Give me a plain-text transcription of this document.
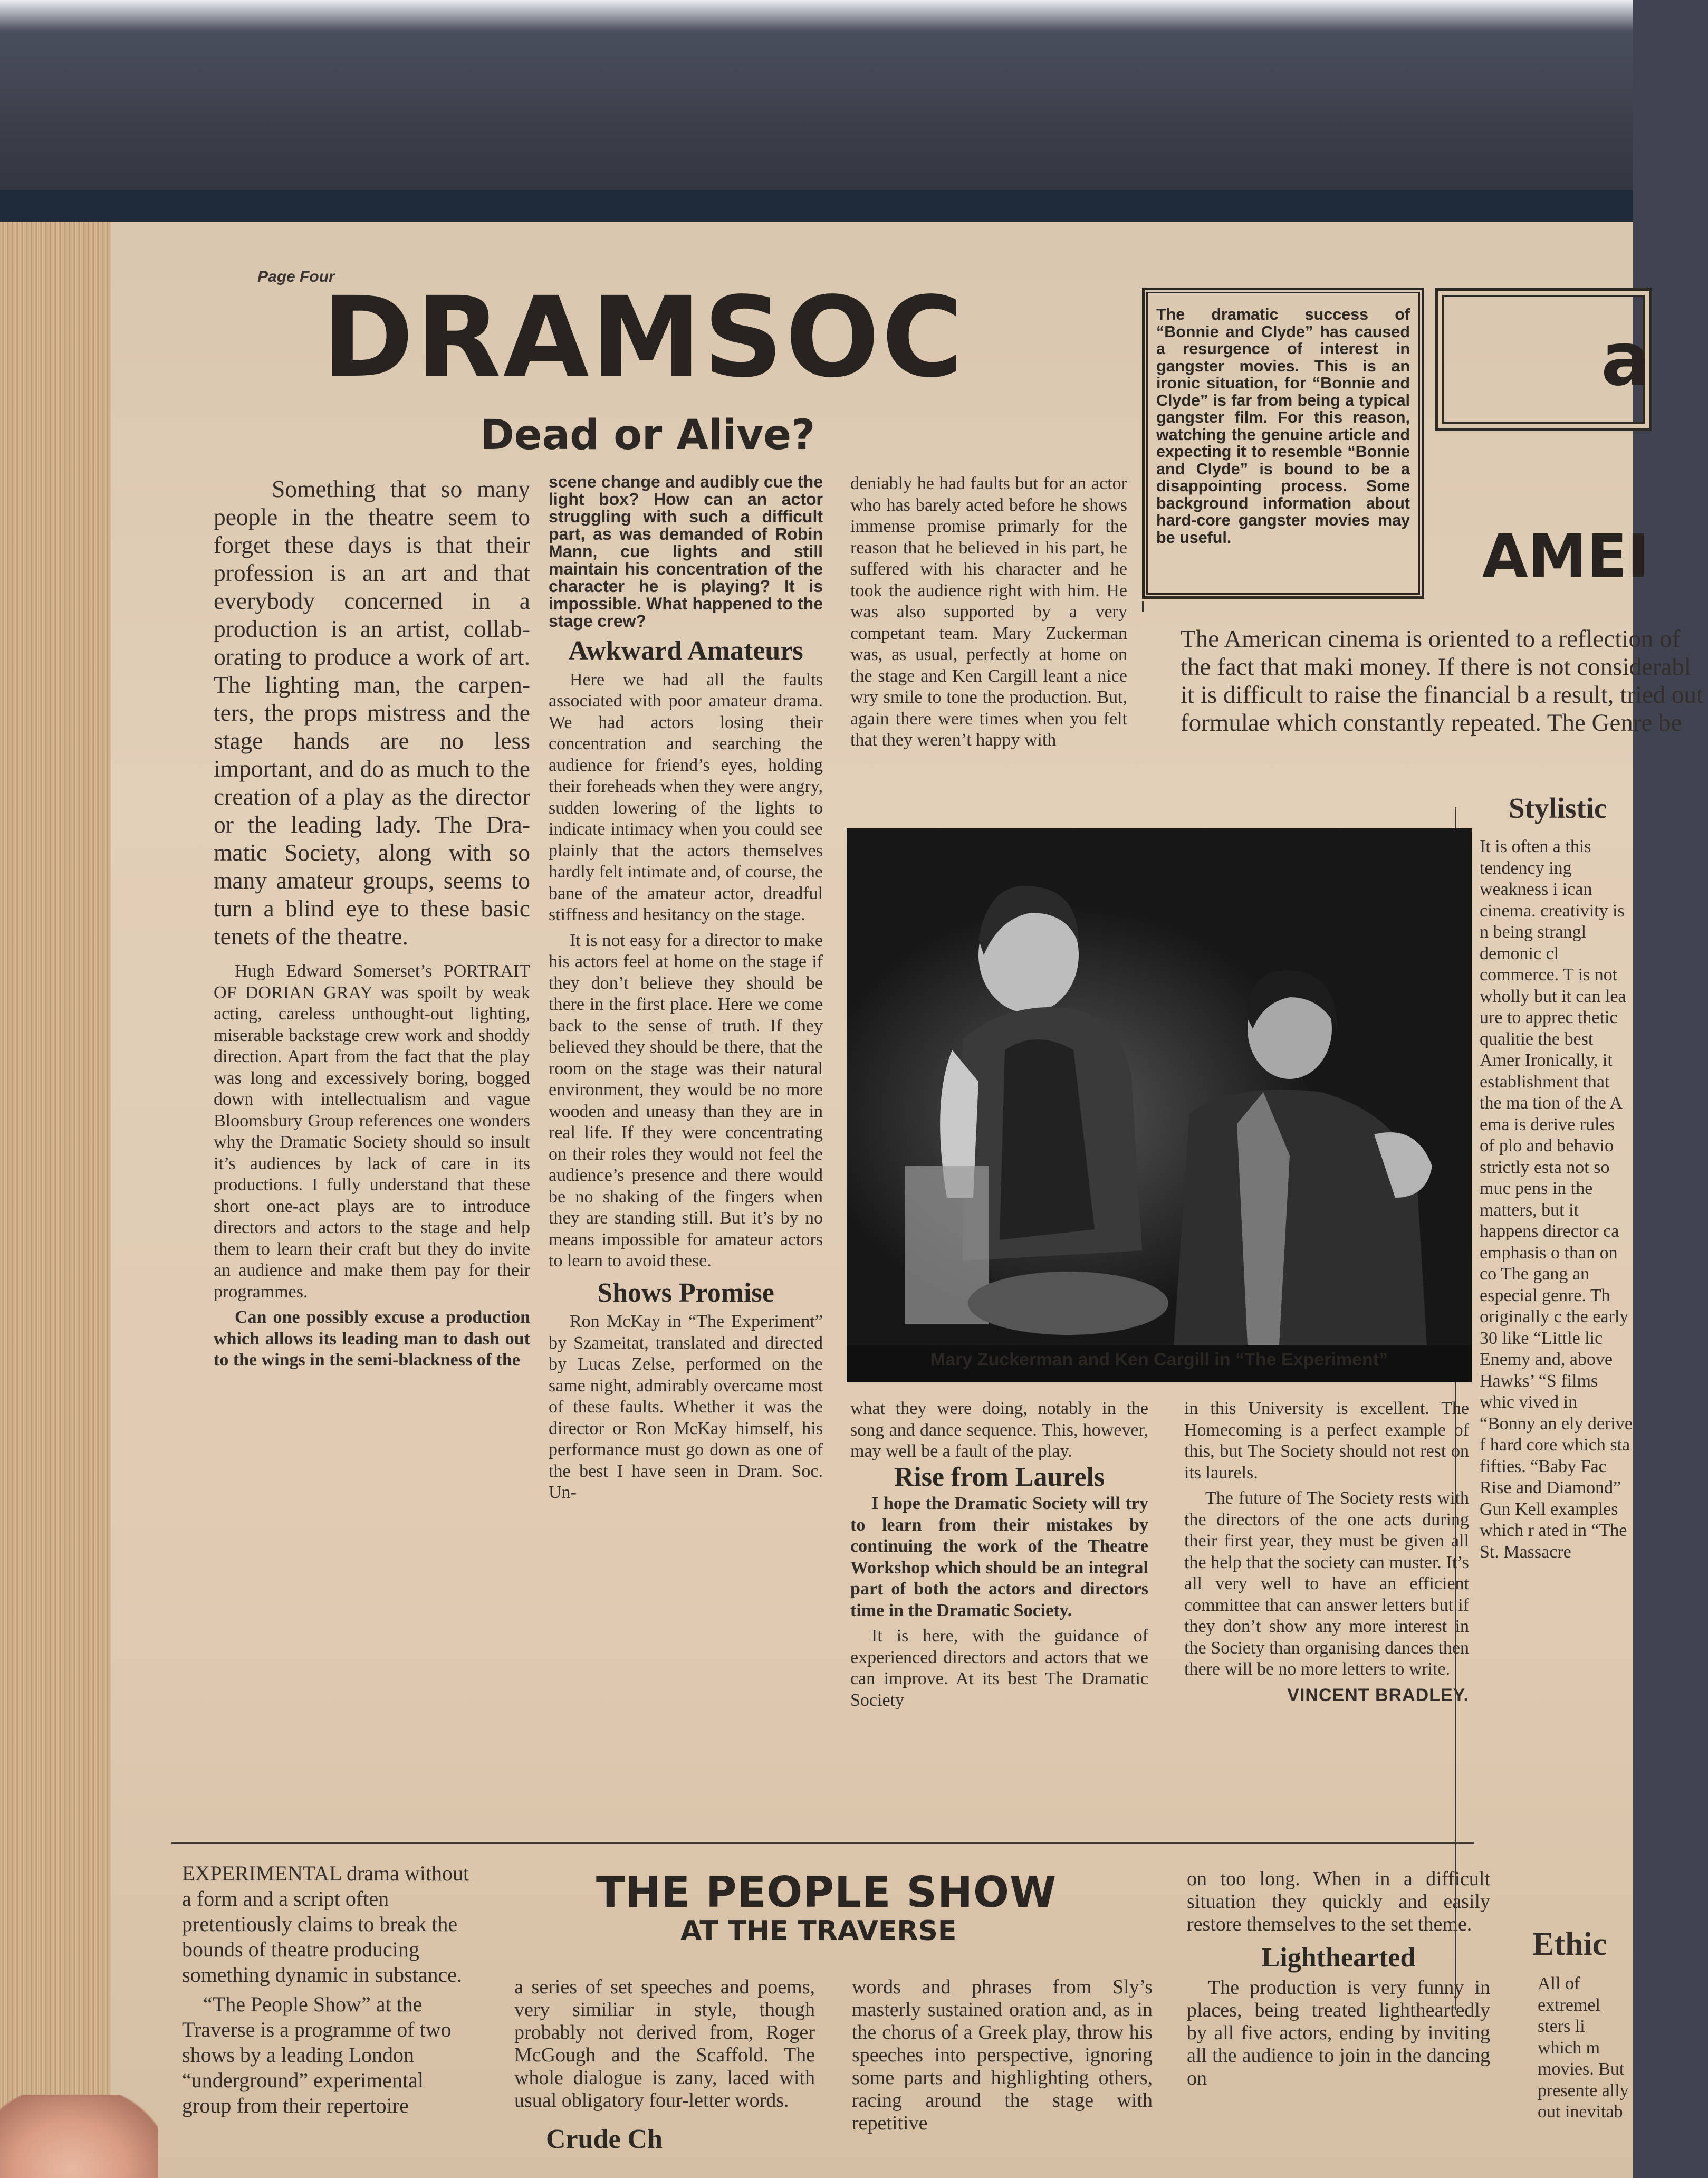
Page Four
DRAMSOC
Dead or Alive?
The dramatic success of “Bonnie and Clyde” has caused a resurgence of interest in gangster movies. This is an ironic situation, for “Bonnie and Clyde” is far from being a typical gangster film. For this reason, watching the genuine article and expecting it to resemble “Bonnie and Clyde” is bound to be a disappointing process. Some background information about hard-core gangster movies may be useful.
a
AMEI
The American cinema is oriented to a reflection of the fact that maki money. If there is not considerabl it is difficult to raise the financial b a result, tried out formulae which constantly repeated. The Genre be
Stylistic
It is often a this tendency ing weakness i ican cinema. creativity is n being strangl demonic cl commerce. T is not wholly but it can lea ure to apprec thetic qualitie the best Amer Ironically, it establishment that the ma tion of the A ema is derive rules of plo and behavio strictly esta not so muc pens in the matters, but it happens director ca emphasis o than on co The gang an especial genre. Th originally c the early 30 like “Little lic Enemy and, above Hawks’ “S films whic vived in “Bonny an ely derive f hard core which sta fifties. “Baby Fac Rise and Diamond” Gun Kell examples which r ated in “The St. Massacre
Ethic
All of extremel sters li which m movies. But presente ally out inevitab

Something that so many people in the theatre seem to forget these days is that their profession is an art and that everybody concerned in a production is an artist, collaborating to produce a work of art. The lighting man, the carpenters, the props mistress and the stage hands are no less important, and do as much to the creation of a play as the director or the leading lady. The Dramatic Society, along with so many amateur groups, seems to turn a blind eye to these basic tenets of the theatre.

Hugh Edward Somerset’s PORTRAIT OF DORIAN GRAY was spoilt by weak acting, careless unthought-out lighting, miserable backstage crew work and shoddy direction. Apart from the fact that the play was long and excessively boring, bogged down with intellectualism and vague Bloomsbury Group references one wonders why the Dramatic Society should so insult it’s audiences by lack of care in its productions. I fully understand that these short one-act plays are to introduce directors and actors to the stage and help them to learn their craft but they do invite an audience and make them pay for their programmes.

Can one possibly excuse a production which allows its leading man to dash out to the wings in the semi-blackness of the

scene change and audibly cue the light box? How can an actor struggling with such a difficult part, as was demanded of Robin Mann, cue lights and still maintain his concentration of the character he is playing? It is impossible. What happened to the stage crew?

Awkward Amateurs

Here we had all the faults associated with poor amateur drama. We had actors losing their concentration and searching the audience for friend’s eyes, holding their foreheads when they were angry, sudden lowering of the lights to indicate intimacy when you could see plainly that the actors themselves hardly felt intimate and, of course, the bane of the amateur actor, dreadful stiffness and hesitancy on the stage.

It is not easy for a director to make his actors feel at home on the stage if they don’t believe they should be there in the first place. Here we come back to the sense of truth. If they believed they should be there, that the room on the stage was their natural environment, they would be no more wooden and uneasy than they are in real life. If they were concentrating on their roles they would not feel the audience’s presence and there would be no shaking of the fingers when they are standing still. But it’s by no means impossible for amateur actors to learn to avoid these.

Shows Promise

Ron McKay in “The Experiment” by Szameitat, translated and directed by Lucas Zelse, performed on the same night, admirably overcame most of these faults. Whether it was the director or Ron McKay himself, his performance must go down as one of the best I have seen in Dram. Soc. Un-

deniably he had faults but for an actor who has barely acted before he shows immense promise primarly for the reason that he believed in his part, he suffered with his character and he took the audience right with him. He was also supported by a very competant team. Mary Zuckerman was, as usual, perfectly at home on the stage and Ken Cargill leant a nice wry smile to tone the production. But, again there were times when you felt that they weren’t happy with

Mary Zuckerman and Ken Cargill in “The Experiment”

what they were doing, notably in the song and dance sequence. This, however, may well be a fault of the play.

Rise from Laurels

I hope the Dramatic Society will try to learn from their mistakes by continuing the work of the Theatre Workshop which should be an integral part of both the actors and directors time in the Dramatic Society.

It is here, with the guidance of experienced directors and actors that we can improve. At its best The Dramatic Society

in this University is excellent. The Homecoming is a perfect example of this, but The Society should not rest on its laurels.

The future of The Society rests with the directors of the one acts during their first year, they must be given all the help that the society can muster. It’s all very well to have an efficient committee that can answer letters but if they don’t show any more interest in the Society than organising dances then there will be no more letters to write.

VINCENT BRADLEY.
THE PEOPLE SHOW
AT THE TRAVERSE

EXPERIMENTAL drama without a form and a script often pretentiously claims to break the bounds of theatre producing something dynamic in substance.

“The People Show” at the Traverse is a programme of two shows by a leading London “underground” experimental group from their repertoire

a series of set speeches and poems, very similiar in style, though probably not derived from, Roger McGough and the Scaffold. The whole dialogue is zany, laced with usual obligatory four-letter words.

Crude Ch

words and phrases from Sly’s masterly sustained oration and, as in the chorus of a Greek play, throw his speeches into perspective, ignoring some parts and highlighting others, racing around the stage with repetitive

on too long. When in a difficult situation they quickly and easily restore themselves to the set theme.

Lighthearted

The production is very funny in places, being treated lightheartedly by all five actors, ending by inviting all the audience to join in the dancing on
